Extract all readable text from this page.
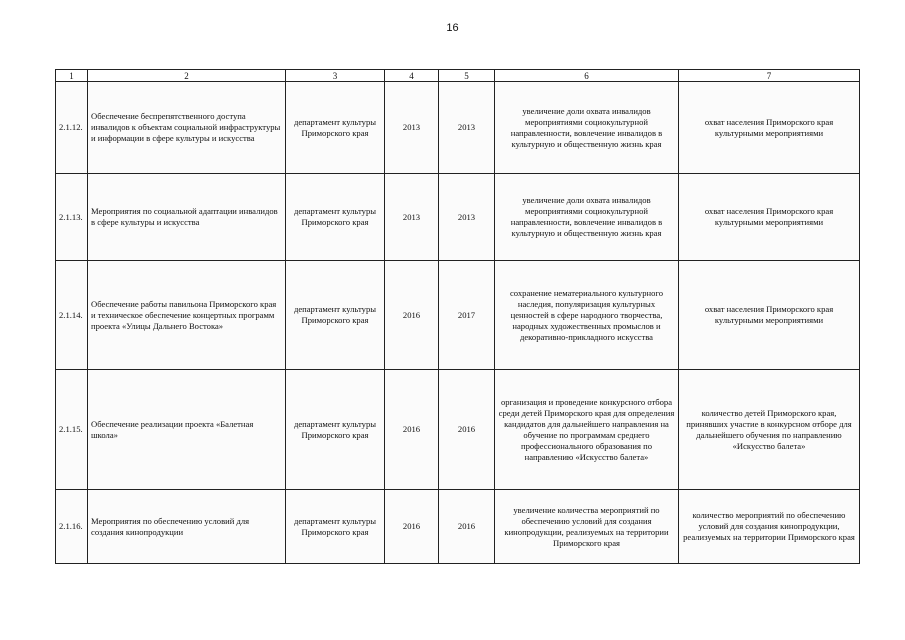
16
1	2	3	4	5	6	7
2.1.12.	Обеспечение беспрепятственного доступа инвалидов к объектам социальной инфраструктуры и информации в сфере культуры и искусства	департамент культуры Приморского края	2013	2013	увеличение доли охвата инвалидов мероприятиями социокультурной направленности, вовлечение инвалидов в культурную и общественную жизнь края	охват населения Приморского края культурными мероприятиями
2.1.13.	Мероприятия по социальной адаптации инвалидов в сфере культуры и искусства	департамент культуры Приморского края	2013	2013	увеличение доли охвата инвалидов мероприятиями социокультурной направленности, вовлечение инвалидов в культурную и общественную жизнь края	охват населения Приморского края культурными мероприятиями
2.1.14.	Обеспечение работы павильона Приморского края и техническое обеспечение концертных программ проекта «Улицы Дальнего Востока»	департамент культуры Приморского края	2016	2017	сохранение нематериального культурного наследия, популяризация культурных ценностей в сфере народного творчества, народных художественных промыслов и декоративно-прикладного искусства	охват населения Приморского края культурными мероприятиями
2.1.15.	Обеспечение реализации проекта «Балетная школа»	департамент культуры Приморского края	2016	2016	организация и проведение конкурсного отбора среди детей Приморского края для определения кандидатов для дальнейшего направления на обучение по программам среднего профессионального образования по направлению «Искусство балета»	количество детей Приморского края, принявших участие в конкурсном отборе для дальнейшего обучения по направлению «Искусство балета»
2.1.16.	Мероприятия по обеспечению условий для создания кинопродукции	департамент культуры Приморского края	2016	2016	увеличение количества мероприятий по обеспечению условий для создания кинопродукции, реализуемых на территории Приморского края	количество мероприятий по обеспечению условий для создания кинопродукции, реализуемых на территории Приморского края
